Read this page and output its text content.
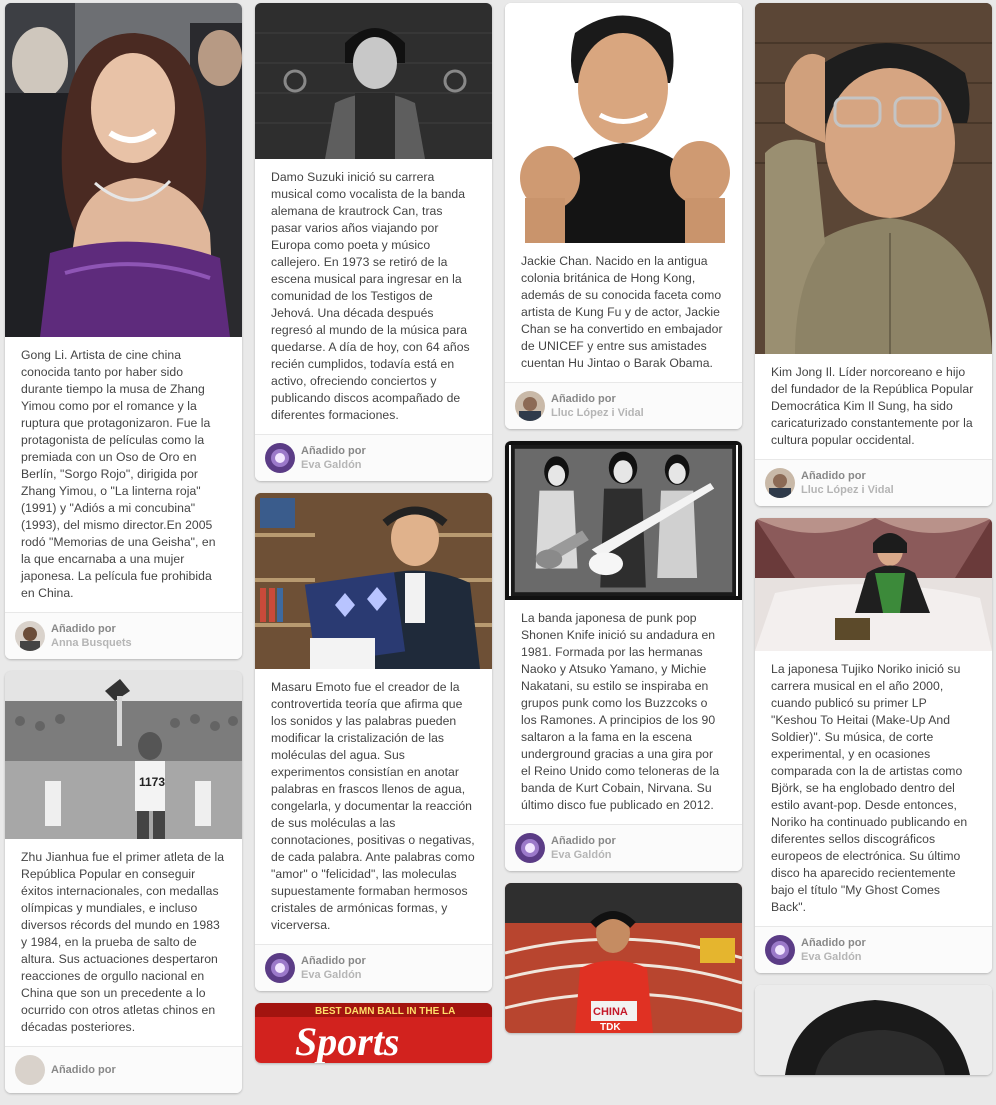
Gong Li. Artista de cine china conocida tanto por haber sido durante tiempo la musa de Zhang Yimou como por el romance y la ruptura que protagonizaron. Fue la protagonista de películas como la premiada con un Oso de Oro en Berlín, "Sorgo Rojo", dirigida por Zhang Yimou, o "La linterna roja" (1991) y "Adiós a mi concubina" (1993), del mismo director.En 2005 rodó "Memorias de una Geisha", en la que encarnaba a una mujer japonesa. La película fue prohibida en China.
Añadido por
Anna Busquets
1173
Zhu Jianhua fue el primer atleta de la República Popular en conseguir éxitos internacionales, con medallas olímpicas y mundiales, e incluso diversos récords del mundo en 1983 y 1984, en la prueba de salto de altura. Sus actuaciones despertaron reacciones de orgullo nacional en China que son un precedente a lo ocurrido con otros atletas chinos en décadas posteriores.
Añadido por
Damo Suzuki inició su carrera musical como vocalista de la banda alemana de krautrock Can, tras pasar varios años viajando por Europa como poeta y músico callejero. En 1973 se retiró de la escena musical para ingresar en la comunidad de los Testigos de Jehová. Una década después regresó al mundo de la música para quedarse. A día de hoy, con 64 años recién cumplidos, todavía está en activo, ofreciendo conciertos y publicando discos acompañado de diferentes formaciones.
Añadido por
Eva Galdón
Masaru Emoto fue el creador de la controvertida teoría que afirma que los sonidos y las palabras pueden modificar la cristalización de las moléculas del agua. Sus experimentos consistían en anotar palabras en frascos llenos de agua, congelarla, y documentar la reacción de sus moléculas a las connotaciones, positivas o negativas, de cada palabra. Ante palabras como "amor" o "felicidad", las moleculas supuestamente formaban hermosos cristales de armónicas formas, y vicerversa.
Añadido por
Eva Galdón
BEST DAMN BALL IN THE LA
Sports
Jackie Chan. Nacido en la antigua colonia británica de Hong Kong, además de su conocida faceta como artista de Kung Fu y de actor, Jackie Chan se ha convertido en embajador de UNICEF y entre sus amistades cuentan Hu Jintao o Barak Obama.
Añadido por
Lluc López i Vidal
La banda japonesa de punk pop Shonen Knife inició su andadura en 1981. Formada por las hermanas Naoko y Atsuko Yamano, y Michie Nakatani, su estilo se inspiraba en grupos punk como los Buzzcoks o los Ramones. A principios de los 90 saltaron a la fama en la escena underground gracias a una gira por el Reino Unido como teloneras de la banda de Kurt Cobain, Nirvana. Su último disco fue publicado en 2012.
Añadido por
Eva Galdón
CHINA
TDK
Kim Jong Il. Líder norcoreano e hijo del fundador de la República Popular Democrática Kim Il Sung, ha sido caricaturizado constantemente por la cultura popular occidental.
Añadido por
Lluc López i Vidal
La japonesa Tujiko Noriko inició su carrera musical en el año 2000, cuando publicó su primer LP "Keshou To Heitai (Make-Up And Soldier)". Su música, de corte experimental, y en ocasiones comparada con la de artistas como Björk, se ha englobado dentro del estilo avant-pop. Desde entonces, Noriko ha continuado publicando en diferentes sellos discográficos europeos de electrónica. Su último disco ha aparecido recientemente bajo el título "My Ghost Comes Back".
Añadido por
Eva Galdón
